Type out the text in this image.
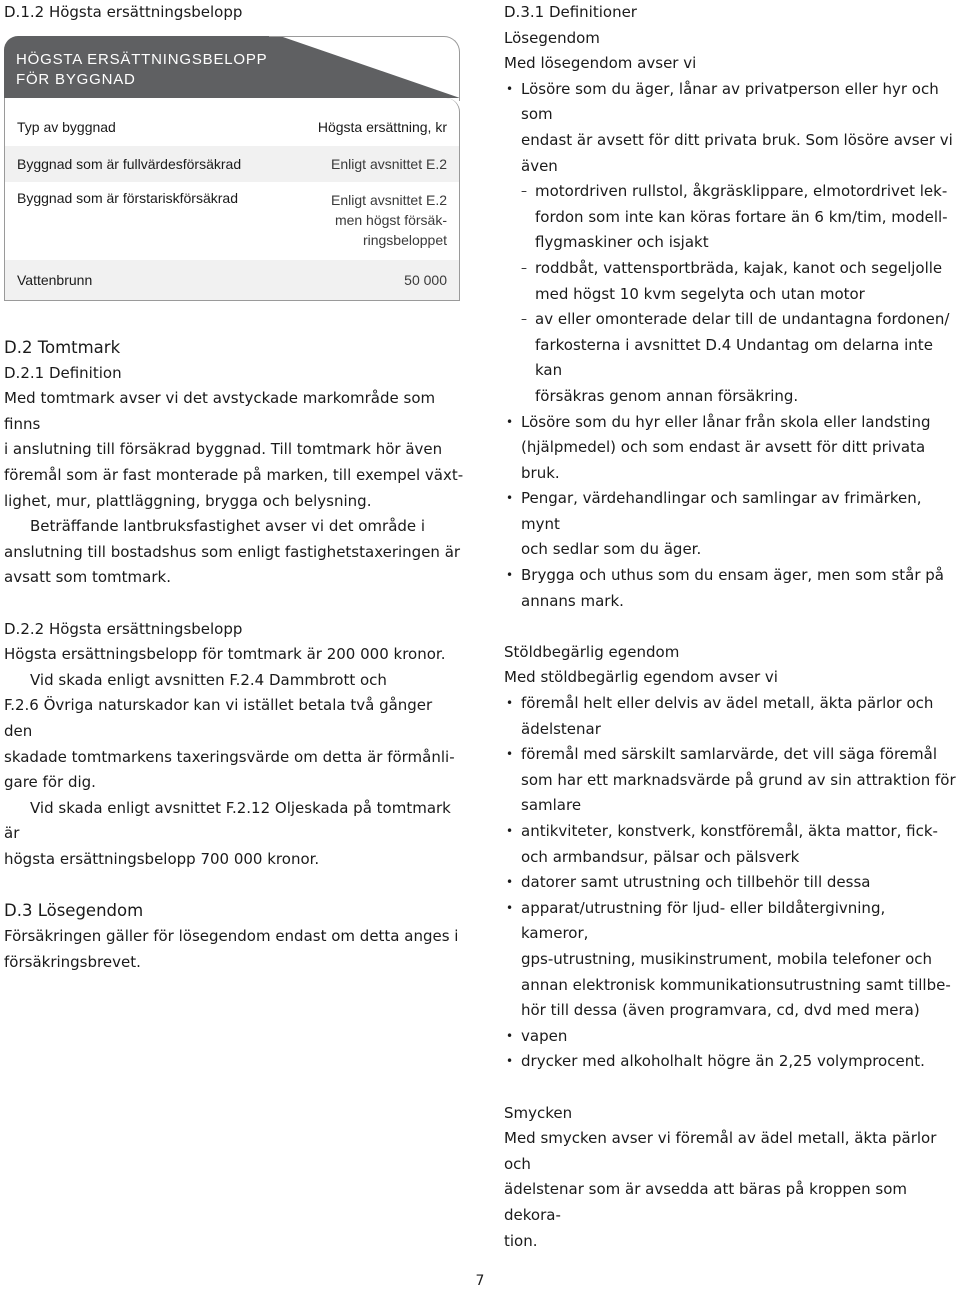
D.1.2 Högsta ersättningsbelopp

HÖGSTA ERSÄTTNINGSBELOPP
FÖR BYGGNAD
Typ av byggnad	Högsta ersättning, kr
Byggnad som är fullvärdesförsäkrad	Enligt avsnittet E.2
Byggnad som är förstariskförsäkrad	Enligt avsnittet E.2
men högst försäk-
ringsbeloppet
Vattenbrunn	50 000

D.2 Tomtmark

D.2.1 Definition

Med tomtmark avser vi det avstyckade markområde som finns

i anslutning till försäkrad byggnad. Till tomtmark hör även

föremål som är fast monterade på marken, till exempel växt-

lighet, mur, plattläggning, brygga och belysning.

Beträffande lantbruksfastighet avser vi det område i

anslutning till bostadshus som enligt fastighetstaxeringen är

avsatt som tomtmark.

D.2.2 Högsta ersättningsbelopp

Högsta ersättningsbelopp för tomtmark är 200 000 kronor.

Vid skada enligt avsnitten F.2.4 Dammbrott och

F.2.6 Övriga naturskador kan vi istället betala två gånger den

skadade tomtmarkens taxeringsvärde om detta är förmånli-

gare för dig.

Vid skada enligt avsnittet F.2.12 Oljeskada på tomtmark är

högsta ersättningsbelopp 700 000 kronor.

D.3 Lösegendom

Försäkringen gäller för lösegendom endast om detta anges i

försäkringsbrevet.

D.3.1 Definitioner

Lösegendom

Med lösegendom avser vi

• Lösöre som du äger, lånar av privatperson eller hyr och som
endast är avsett för ditt privata bruk. Som lösöre avser vi
även
– motordriven rullstol, åkgräsklippare, elmotordrivet lek-
fordon som inte kan köras fortare än 6 km/tim, modell-
flygmaskiner och isjakt
– roddbåt, vattensportbräda, kajak, kanot och segeljolle
med högst 10 kvm segelyta och utan motor
– av eller omonterade delar till de undantagna fordonen/
farkosterna i avsnittet D.4 Undantag om delarna inte kan
försäkras genom annan försäkring.
• Lösöre som du hyr eller lånar från skola eller landsting
(hjälpmedel) och som endast är avsett för ditt privata bruk.
• Pengar, värdehandlingar och samlingar av frimärken, mynt
och sedlar som du äger.
• Brygga och uthus som du ensam äger, men som står på
annans mark.

Stöldbegärlig egendom

Med stöldbegärlig egendom avser vi

• föremål helt eller delvis av ädel metall, äkta pärlor och
ädelstenar
• föremål med särskilt samlarvärde, det vill säga föremål
som har ett marknadsvärde på grund av sin attraktion för
samlare
• antikviteter, konstverk, konstföremål, äkta mattor, fick-
och armbandsur, pälsar och pälsverk
• datorer samt utrustning och tillbehör till dessa
• apparat/utrustning för ljud- eller bildåtergivning, kameror,
gps-utrustning, musikinstrument, mobila telefoner och
annan elektronisk kommunikationsutrustning samt tillbe-
hör till dessa (även programvara, cd, dvd med mera)
• vapen
• drycker med alkoholhalt högre än 2,25 volymprocent.

Smycken

Med smycken avser vi föremål av ädel metall, äkta pärlor och

ädelstenar som är avsedda att bäras på kroppen som dekora-

tion.

7
